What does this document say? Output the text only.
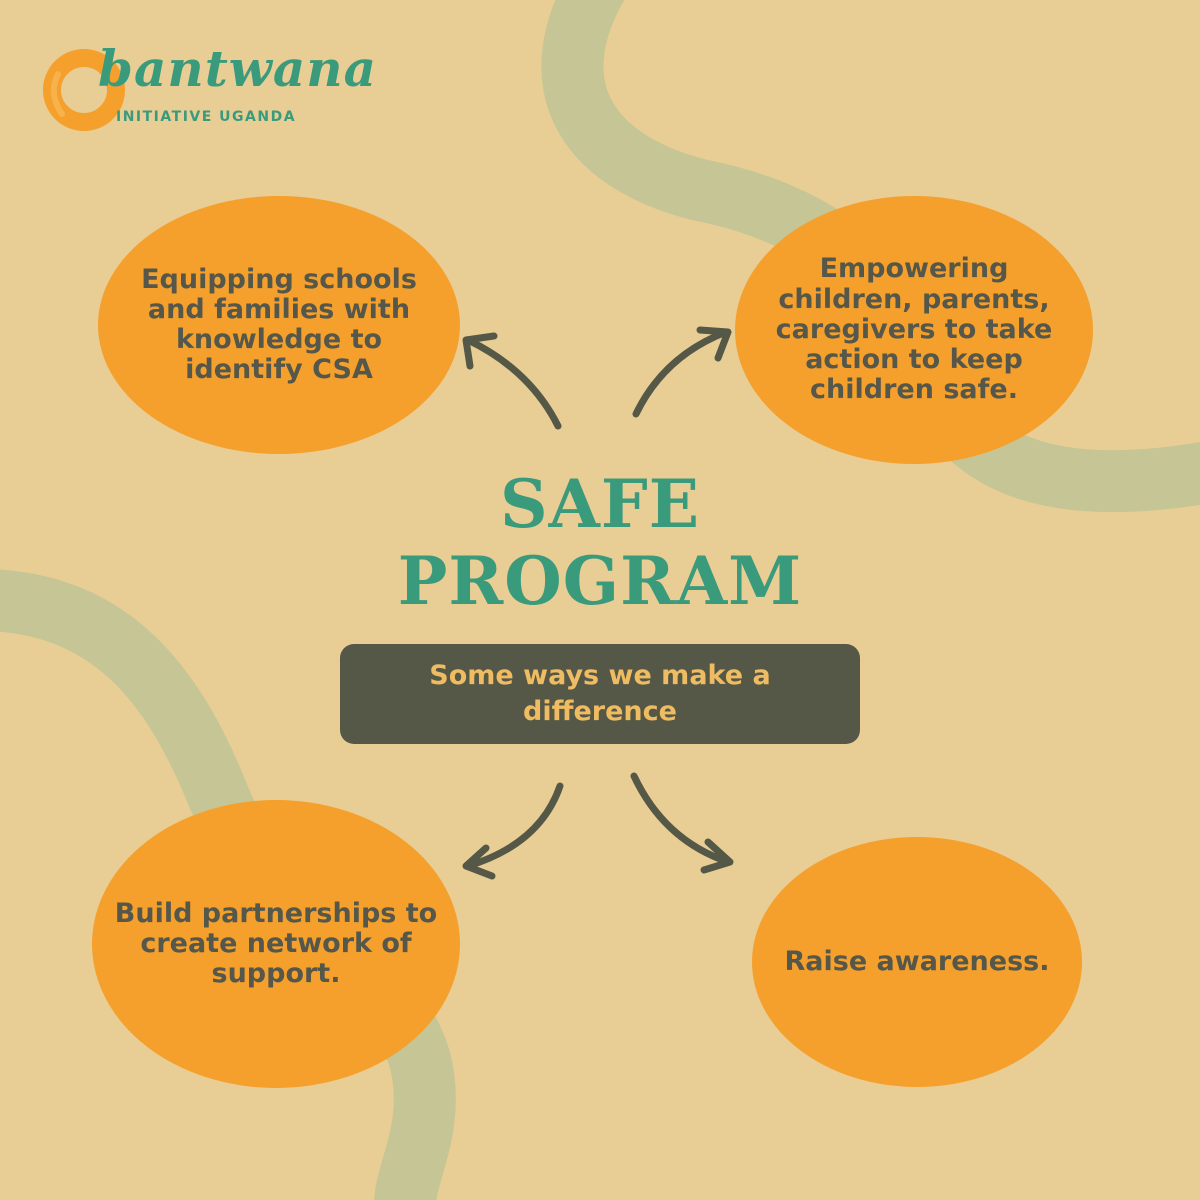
bantwana
INITIATIVE UGANDA
Equipping schools and families with knowledge to identify CSA
Empowering children, parents, caregivers to take action to keep children safe.
SAFE
PROGRAM
Some ways we make a difference
Build partnerships to create network of support.	Raise awareness.
